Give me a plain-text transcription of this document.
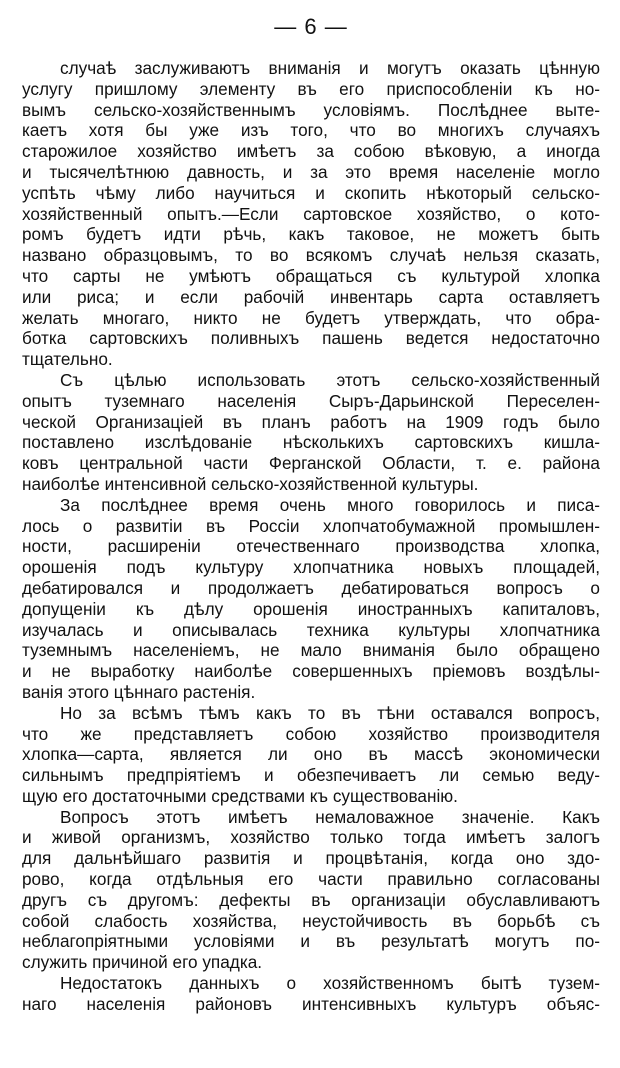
— 6 —

случаѣ заслуживаютъ вниманія и могутъ оказать цѣнную
услугу пришлому элементу въ его приспособленіи къ но-
вымъ сельско-хозяйственнымъ условіямъ. Послѣднее выте-
каетъ хотя бы уже изъ того, что во многихъ случаяхъ
старожилое хозяйство имѣетъ за собою вѣковую, а иногда
и тысячелѣтнюю давность, и за это время населеніе могло
успѣть чѣму либо научиться и скопить нѣкоторый сельско-
хозяйственный опытъ.—Если сартовское хозяйство, о кото-
ромъ будетъ идти рѣчь, какъ таковое, не можетъ быть
названо образцовымъ, то во всякомъ случаѣ нельзя сказать,
что сарты не умѣютъ обращаться съ культурой хлопка
или риса; и если рабочій инвентарь сарта оставляетъ
желать многаго, никто не будетъ утверждать, что обра-
ботка сартовскихъ поливныхъ пашень ведется недостаточно
тщательно.

Съ цѣлью использовать этотъ сельско-хозяйственный
опытъ туземнаго населенія Сыръ-Дарьинской Переселен-
ческой Организаціей въ планъ работъ на 1909 годъ было
поставлено изслѣдованіе нѣсколькихъ сартовскихъ кишла-
ковъ центральной части Ферганской Области, т. е. района
наиболѣе интенсивной сельско-хозяйственной культуры.

За послѣднее время очень много говорилось и писа-
лось о развитіи въ Россіи хлопчатобумажной промышлен-
ности, расширеніи отечественнаго производства хлопка,
орошенія подъ культуру хлопчатника новыхъ площадей,
дебатировался и продолжаетъ дебатироваться вопросъ о
допущеніи къ дѣлу орошенія иностранныхъ капиталовъ,
изучалась и описывалась техника культуры хлопчатника
туземнымъ населеніемъ, не мало вниманія было обращено
и не выработку наиболѣе совершенныхъ пріемовъ воздѣлы-
ванія этого цѣннаго растенія.

Но за всѣмъ тѣмъ какъ то въ тѣни оставался вопросъ,
что же представляетъ собою хозяйство производителя
хлопка—сарта, является ли оно въ массѣ экономически
сильнымъ предпріятіемъ и обезпечиваетъ ли семью веду-
щую его достаточными средствами къ существованію.

Вопросъ этотъ имѣетъ немаловажное значеніе. Какъ
и живой организмъ, хозяйство только тогда имѣетъ залогъ
для дальнѣйшаго развитія и процвѣтанія, когда оно здо-
рово, когда отдѣльныя его части правильно согласованы
другъ съ другомъ: дефекты въ организаціи обуславливаютъ
собой слабость хозяйства, неустойчивость въ борьбѣ съ
неблагопріятными условіями и въ результатѣ могутъ по-
служить причиной его упадка.

Недостатокъ данныхъ о хозяйственномъ бытѣ тузем-
наго населенія районовъ интенсивныхъ культуръ объяс-
